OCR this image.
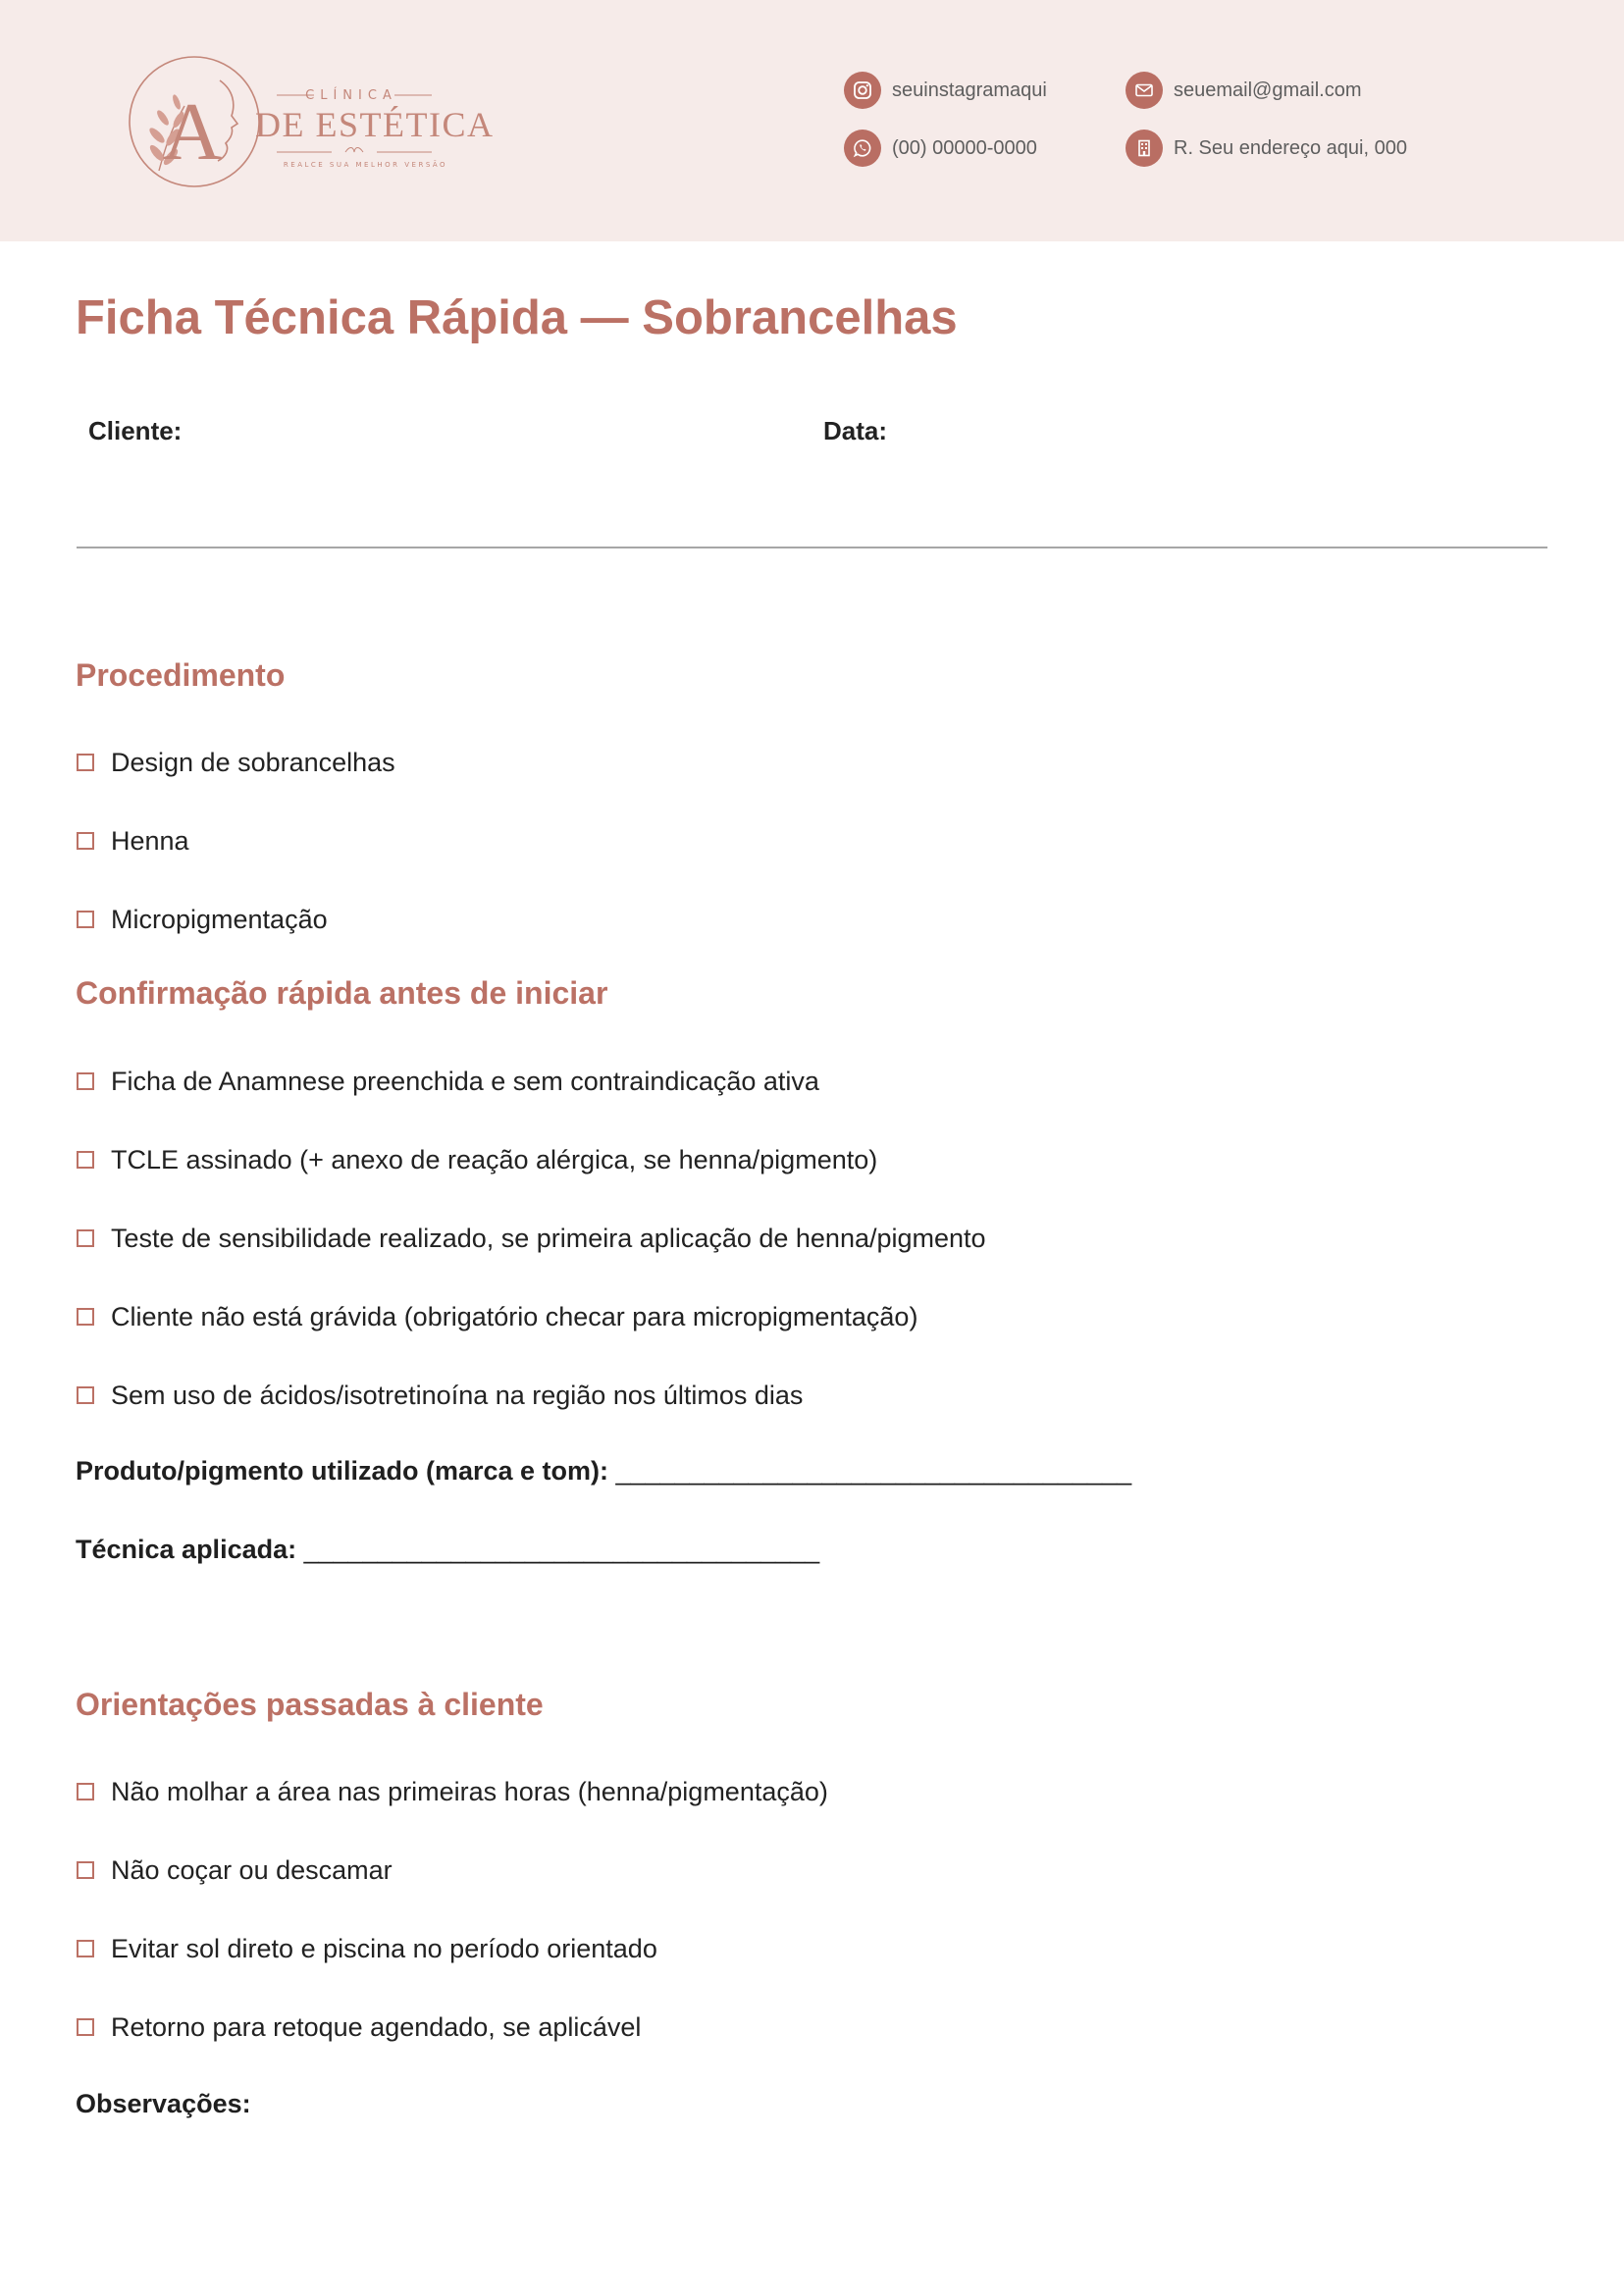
A	CLÍNICA
DE ESTÉTICA
REALCE SUA MELHOR VERSÃO
seuinstagramaqui	seuemail@gmail.com
(00) 00000-0000	R. Seu endereço aqui, 000
Ficha Técnica Rápida — Sobrancelhas
Cliente:	Data:
Procedimento
Design de sobrancelhas
Henna
Micropigmentação
Confirmação rápida antes de iniciar
Ficha de Anamnese preenchida e sem contraindicação ativa
TCLE assinado (+ anexo de reação alérgica, se henna/pigmento)
Teste de sensibilidade realizado, se primeira aplicação de henna/pigmento
Cliente não está grávida (obrigatório checar para micropigmentação)
Sem uso de ácidos/isotretinoína na região nos últimos dias
Produto/pigmento utilizado (marca e tom): ___________________________________
Técnica aplicada: ___________________________________
Orientações passadas à cliente
Não molhar a área nas primeiras horas (henna/pigmentação)
Não coçar ou descamar
Evitar sol direto e piscina no período orientado
Retorno para retoque agendado, se aplicável
Observações:
